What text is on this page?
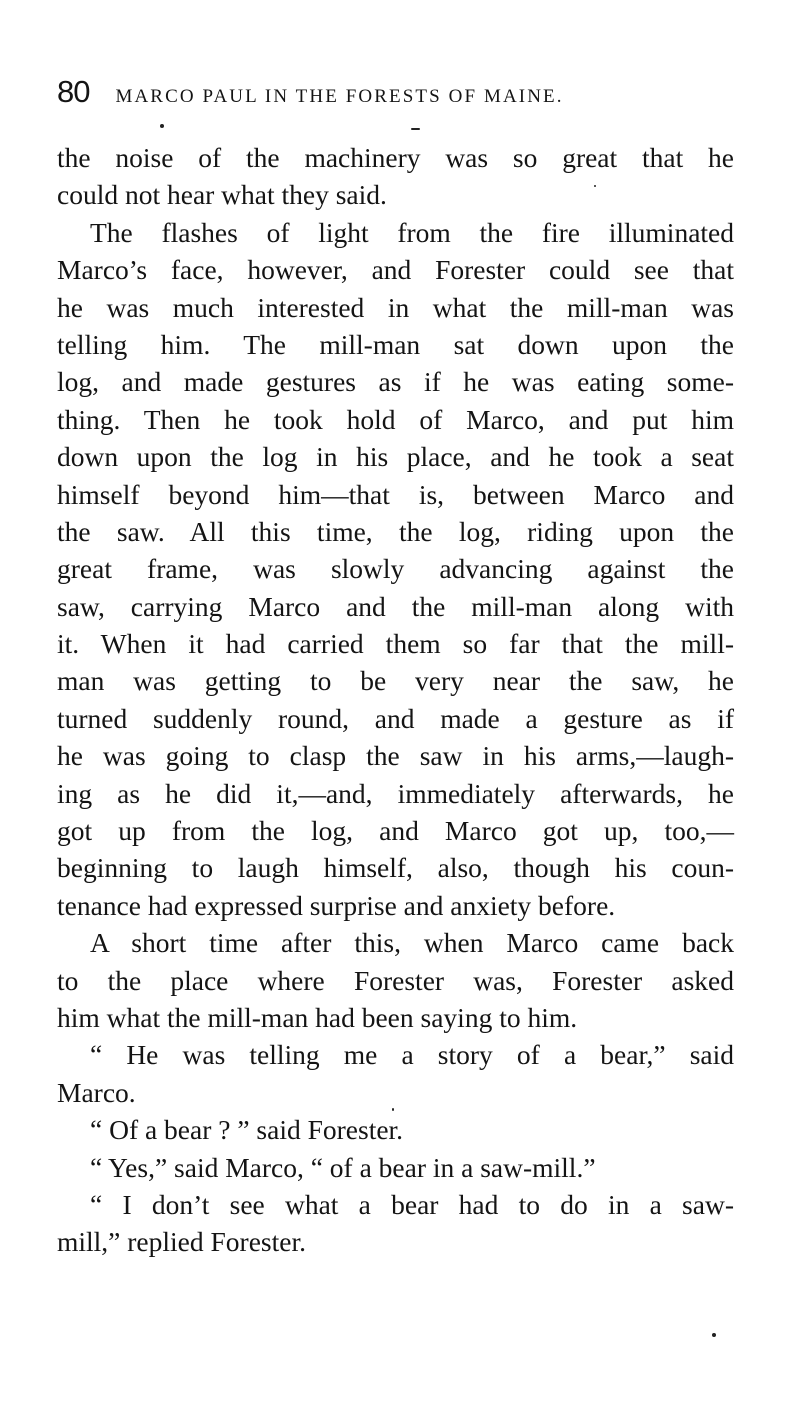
80 MARCO PAUL IN THE FORESTS OF MAINE.
the noise of the machinery was so great that he
could not hear what they said.
The flashes of light from the fire illuminated
Marco’s face, however, and Forester could see that
he was much interested in what the mill-man was
telling him. The mill-man sat down upon the
log, and made gestures as if he was eating some-
thing. Then he took hold of Marco, and put him
down upon the log in his place, and he took a seat
himself beyond him—that is, between Marco and
the saw. All this time, the log, riding upon the
great frame, was slowly advancing against the
saw, carrying Marco and the mill-man along with
it. When it had carried them so far that the mill-
man was getting to be very near the saw, he
turned suddenly round, and made a gesture as if
he was going to clasp the saw in his arms,—laugh-
ing as he did it,—and, immediately afterwards, he
got up from the log, and Marco got up, too,—
beginning to laugh himself, also, though his coun-
tenance had expressed surprise and anxiety before.
A short time after this, when Marco came back
to the place where Forester was, Forester asked
him what the mill-man had been saying to him.
“ He was telling me a story of a bear,” said
Marco.
“ Of a bear ? ” said Forester.
“ Yes,” said Marco, “ of a bear in a saw-mill.”
“ I don’t see what a bear had to do in a saw-
mill,” replied Forester.
